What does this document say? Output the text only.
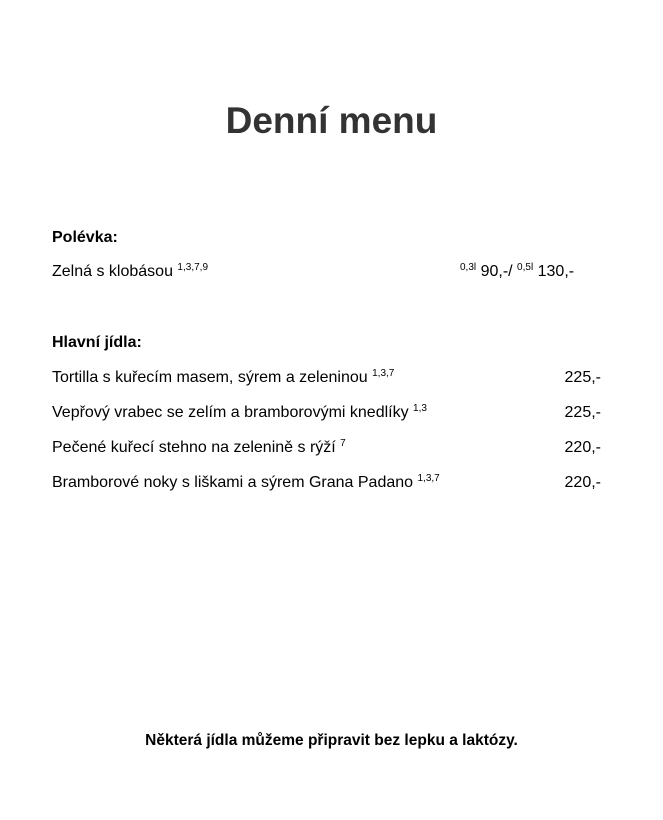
Denní menu
Polévka:
Zelná s klobásou $^{1,3,7,9}$	$^{0,3l}$ 90,-/ $^{0,5l}$ 130,-
Hlavní jídla:
Tortilla s kuřecím masem, sýrem a zeleninou $^{1,3,7}$	225,-
Vepřový vrabec se zelím a bramborovými knedlíky $^{1,3}$	225,-
Pečené kuřecí stehno na zelenině s rýží $^7$	220,-
Bramborové noky s liškami a sýrem Grana Padano $^{1,3,7}$	220,-
Některá jídla můžeme připravit bez lepku a laktózy.
